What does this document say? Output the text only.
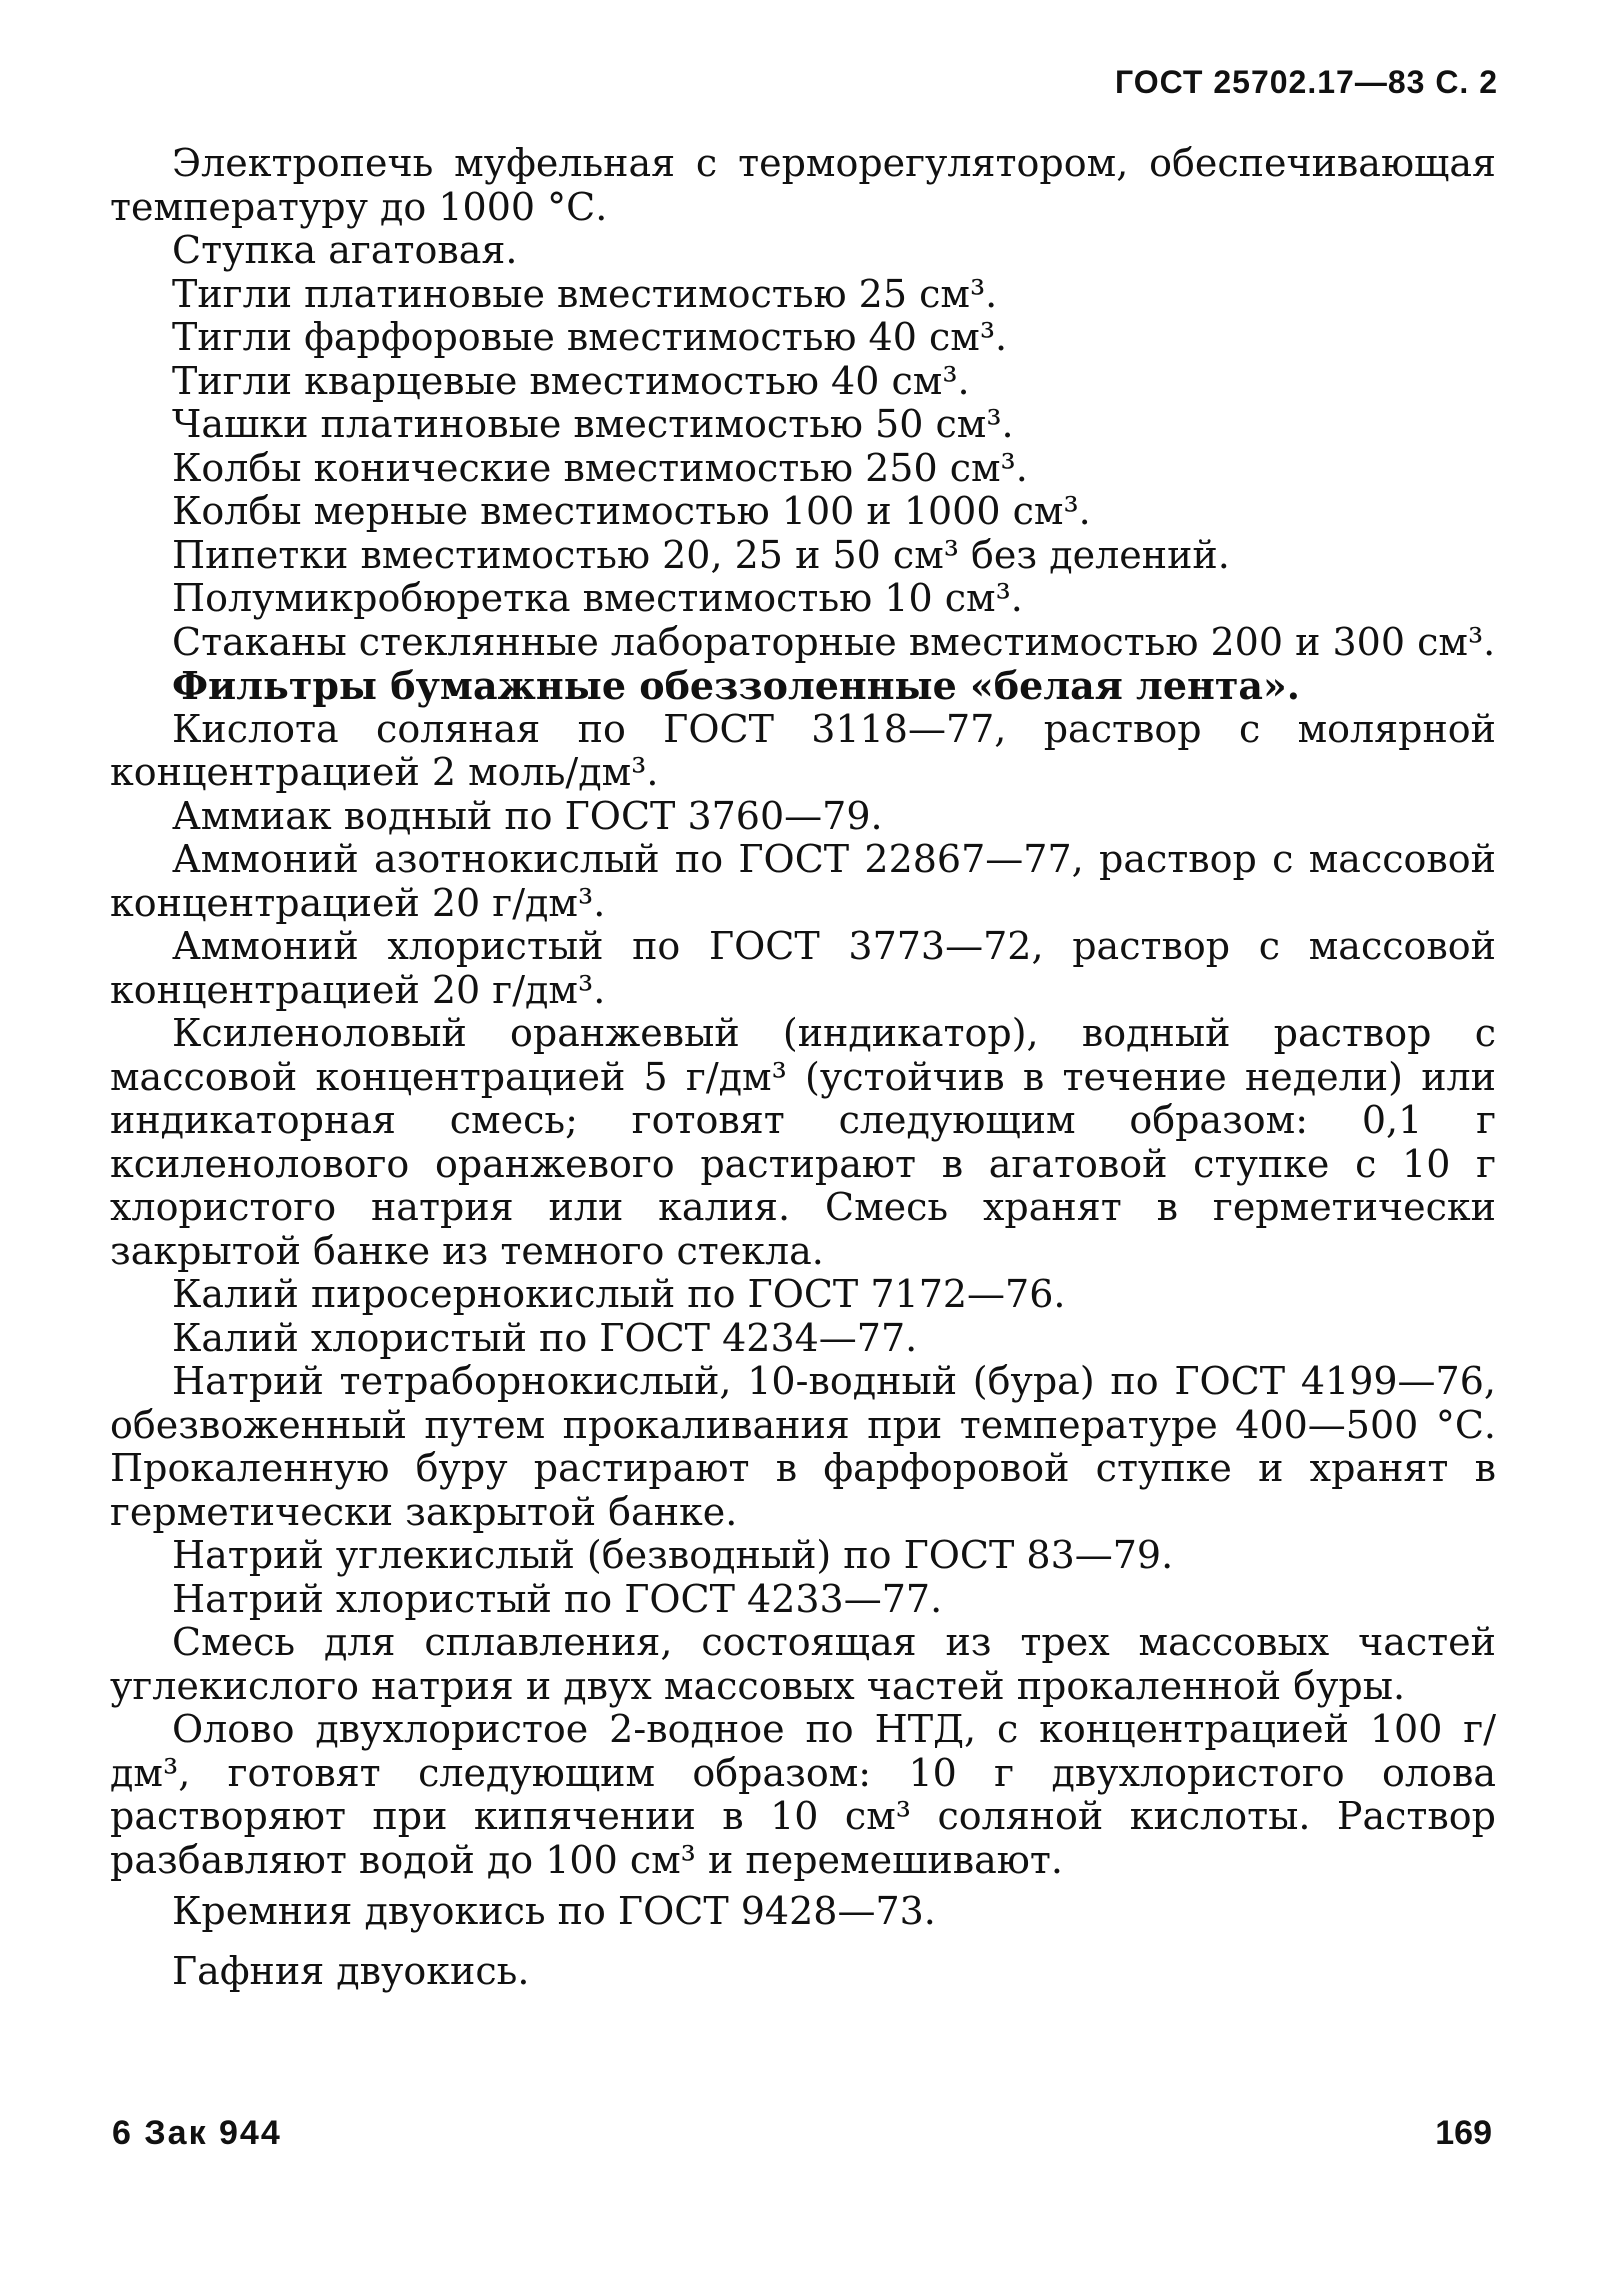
ГОСТ 25702.17—83 С. 2

Электропечь муфельная с терморегулятором, обеспечивающая температуру до 1000 °С.

Ступка агатовая.

Тигли платиновые вместимостью 25 см³.

Тигли фарфоровые вместимостью 40 см³.

Тигли кварцевые вместимостью 40 см³.

Чашки платиновые вместимостью 50 см³.

Колбы конические вместимостью 250 см³.

Колбы мерные вместимостью 100 и 1000 см³.

Пипетки вместимостью 20, 25 и 50 см³ без делений.

Полумикробюретка вместимостью 10 см³.

Стаканы стеклянные лабораторные вместимостью 200 и 300 см³.

Фильтры бумажные обеззоленные «белая лента».

Кислота соляная по ГОСТ 3118—77, раствор с молярной концентрацией 2 моль/дм³.

Аммиак водный по ГОСТ 3760—79.

Аммоний азотнокислый по ГОСТ 22867—77, раствор с массовой концентрацией 20 г/дм³.

Аммоний хлористый по ГОСТ 3773—72, раствор с массовой концентрацией 20 г/дм³.

Ксиленоловый оранжевый (индикатор), водный раствор с массовой концентрацией 5 г/дм³ (устойчив в течение недели) или индикаторная смесь; готовят следующим образом: 0,1 г ксиленолового оранжевого растирают в агатовой ступке с 10 г хлористого натрия или калия. Смесь хранят в герметически закрытой банке из темного стекла.

Калий пиросернокислый по ГОСТ 7172—76.

Калий хлористый по ГОСТ 4234—77.

Натрий тетраборнокислый, 10-водный (бура) по ГОСТ 4199—76, обезвоженный путем прокаливания при температуре 400—500 °С. Прокаленную буру растирают в фарфоровой ступке и хранят в герметически закрытой банке.

Натрий углекислый (безводный) по ГОСТ 83—79.

Натрий хлористый по ГОСТ 4233—77.

Смесь для сплавления, состоящая из трех массовых частей углекислого натрия и двух массовых частей прокаленной буры.

Олово двухлористое 2-водное по НТД, с концентрацией 100 г/дм³, готовят следующим образом: 10 г двухлористого олова растворяют при кипячении в 10 см³ соляной кислоты. Раствор разбавляют водой до 100 см³ и перемешивают.

Кремния двуокись по ГОСТ 9428—73.

Гафния двуокись.

6 Зак 944	169
